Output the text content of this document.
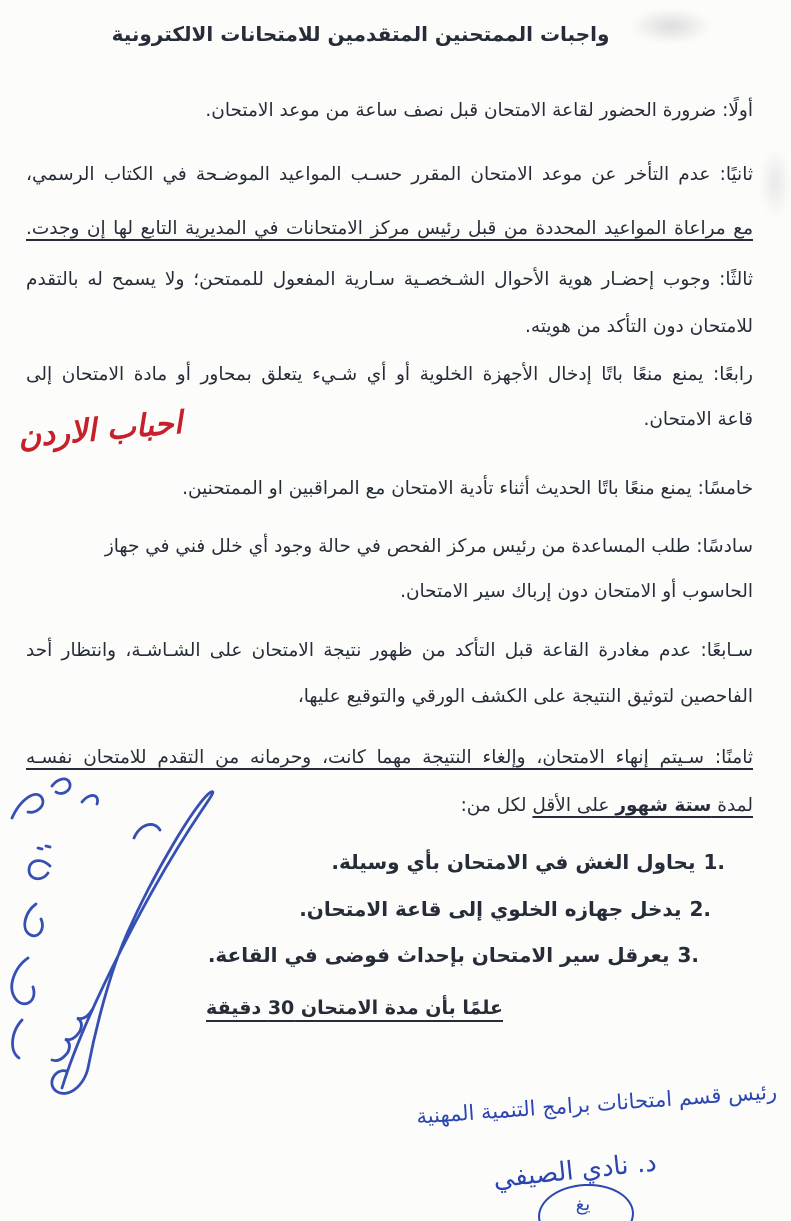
واجبات الممتحنين المتقدمين للامتحانات الالكترونية
أولًا: ضرورة الحضور لقاعة الامتحان قبل نصف ساعة من موعد الامتحان.
ثانيًا: عدم التأخر عن موعد الامتحان المقرر حسـب المواعيد الموضـحة في الكتاب الرسمي،
مع مراعاة المواعيد المحددة من قبل رئيس مركز الامتحانات في المديرية التابع لها إن وجدت.
ثالثًا: وجوب إحضـار هوية الأحوال الشـخصـية سـارية المفعول للممتحن؛ ولا يسمح له بالتقدم
للامتحان دون التأكد من هويته.
رابعًا: يمنع منعًا باتًا إدخال الأجهزة الخلوية أو أي شـيء يتعلق بمحاور أو مادة الامتحان إلى
قاعة الامتحان.
احباب الاردن
خامسًا: يمنع منعًا باتًا الحديث أثناء تأدية الامتحان مع المراقبين او الممتحنين.
سادسًا: طلب المساعدة من رئيس مركز الفحص في حالة وجود أي خلل فني في جهاز
الحاسوب أو الامتحان دون إرباك سير الامتحان.
سـابعًا: عدم مغادرة القاعة قبل التأكد من ظهور نتيجة الامتحان على الشـاشـة، وانتظار أحد
الفاحصين لتوثيق النتيجة على الكشف الورقي والتوقيع عليها،
ثامنًا: سـيتم إنهاء الامتحان، وإلغاء النتيجة مهما كانت، وحرمانه من التقدم للامتحان نفسـه
لمدة ستة شهور على الأقل لكل من:
1.يحاول الغش في الامتحان بأي وسيلة.
2.يدخل جهازه الخلوي إلى قاعة الامتحان.
3.يعرقل سير الامتحان بإحداث فوضى في القاعة.
علمًا بأن مدة الامتحان 30 دقيقة
رئيس قسم امتحانات برامج التنمية المهنية
د. نادي الصيفي
يغ
